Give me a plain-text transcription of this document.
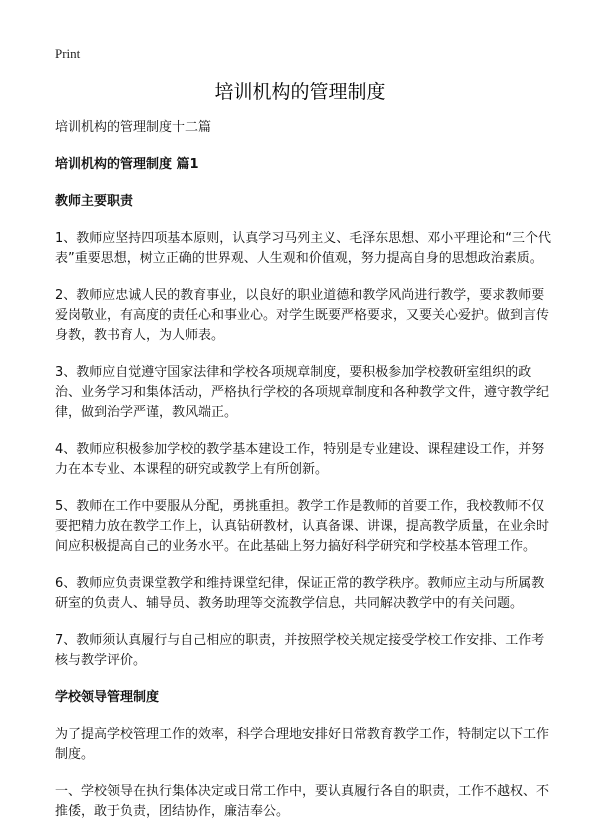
Print
培训机构的管理制度

培训机构的管理制度十二篇

培训机构的管理制度 篇1

教师主要职责

1、教师应坚持四项基本原则，认真学习马列主义、毛泽东思想、邓小平理论和“三个代表”重要思想，树立正确的世界观、人生观和价值观，努力提高自身的思想政治素质。

2、教师应忠诚人民的教育事业，以良好的职业道德和教学风尚进行教学，要求教师要爱岗敬业，有高度的责任心和事业心。对学生既要严格要求，又要关心爱护。做到言传身教，教书育人，为人师表。

3、教师应自觉遵守国家法律和学校各项规章制度，要积极参加学校教研室组织的政治、业务学习和集体活动，严格执行学校的各项规章制度和各种教学文件，遵守教学纪律，做到治学严谨，教风端正。

4、教师应积极参加学校的教学基本建设工作，特别是专业建设、课程建设工作，并努力在本专业、本课程的研究或教学上有所创新。

5、教师在工作中要服从分配，勇挑重担。教学工作是教师的首要工作，我校教师不仅要把精力放在教学工作上，认真钻研教材，认真备课、讲课，提高教学质量，在业余时间应积极提高自己的业务水平。在此基础上努力搞好科学研究和学校基本管理工作。

6、教师应负责课堂教学和维持课堂纪律，保证正常的教学秩序。教师应主动与所属教研室的负责人、辅导员、教务助理等交流教学信息，共同解决教学中的有关问题。

7、教师须认真履行与自己相应的职责，并按照学校关规定接受学校工作安排、工作考核与教学评价。

学校领导管理制度

为了提高学校管理工作的效率，科学合理地安排好日常教育教学工作，特制定以下工作制度。

一、学校领导在执行集体决定或日常工作中，要认真履行各自的职责，工作不越权、不推倭，敢于负责，团结协作，廉洁奉公。
